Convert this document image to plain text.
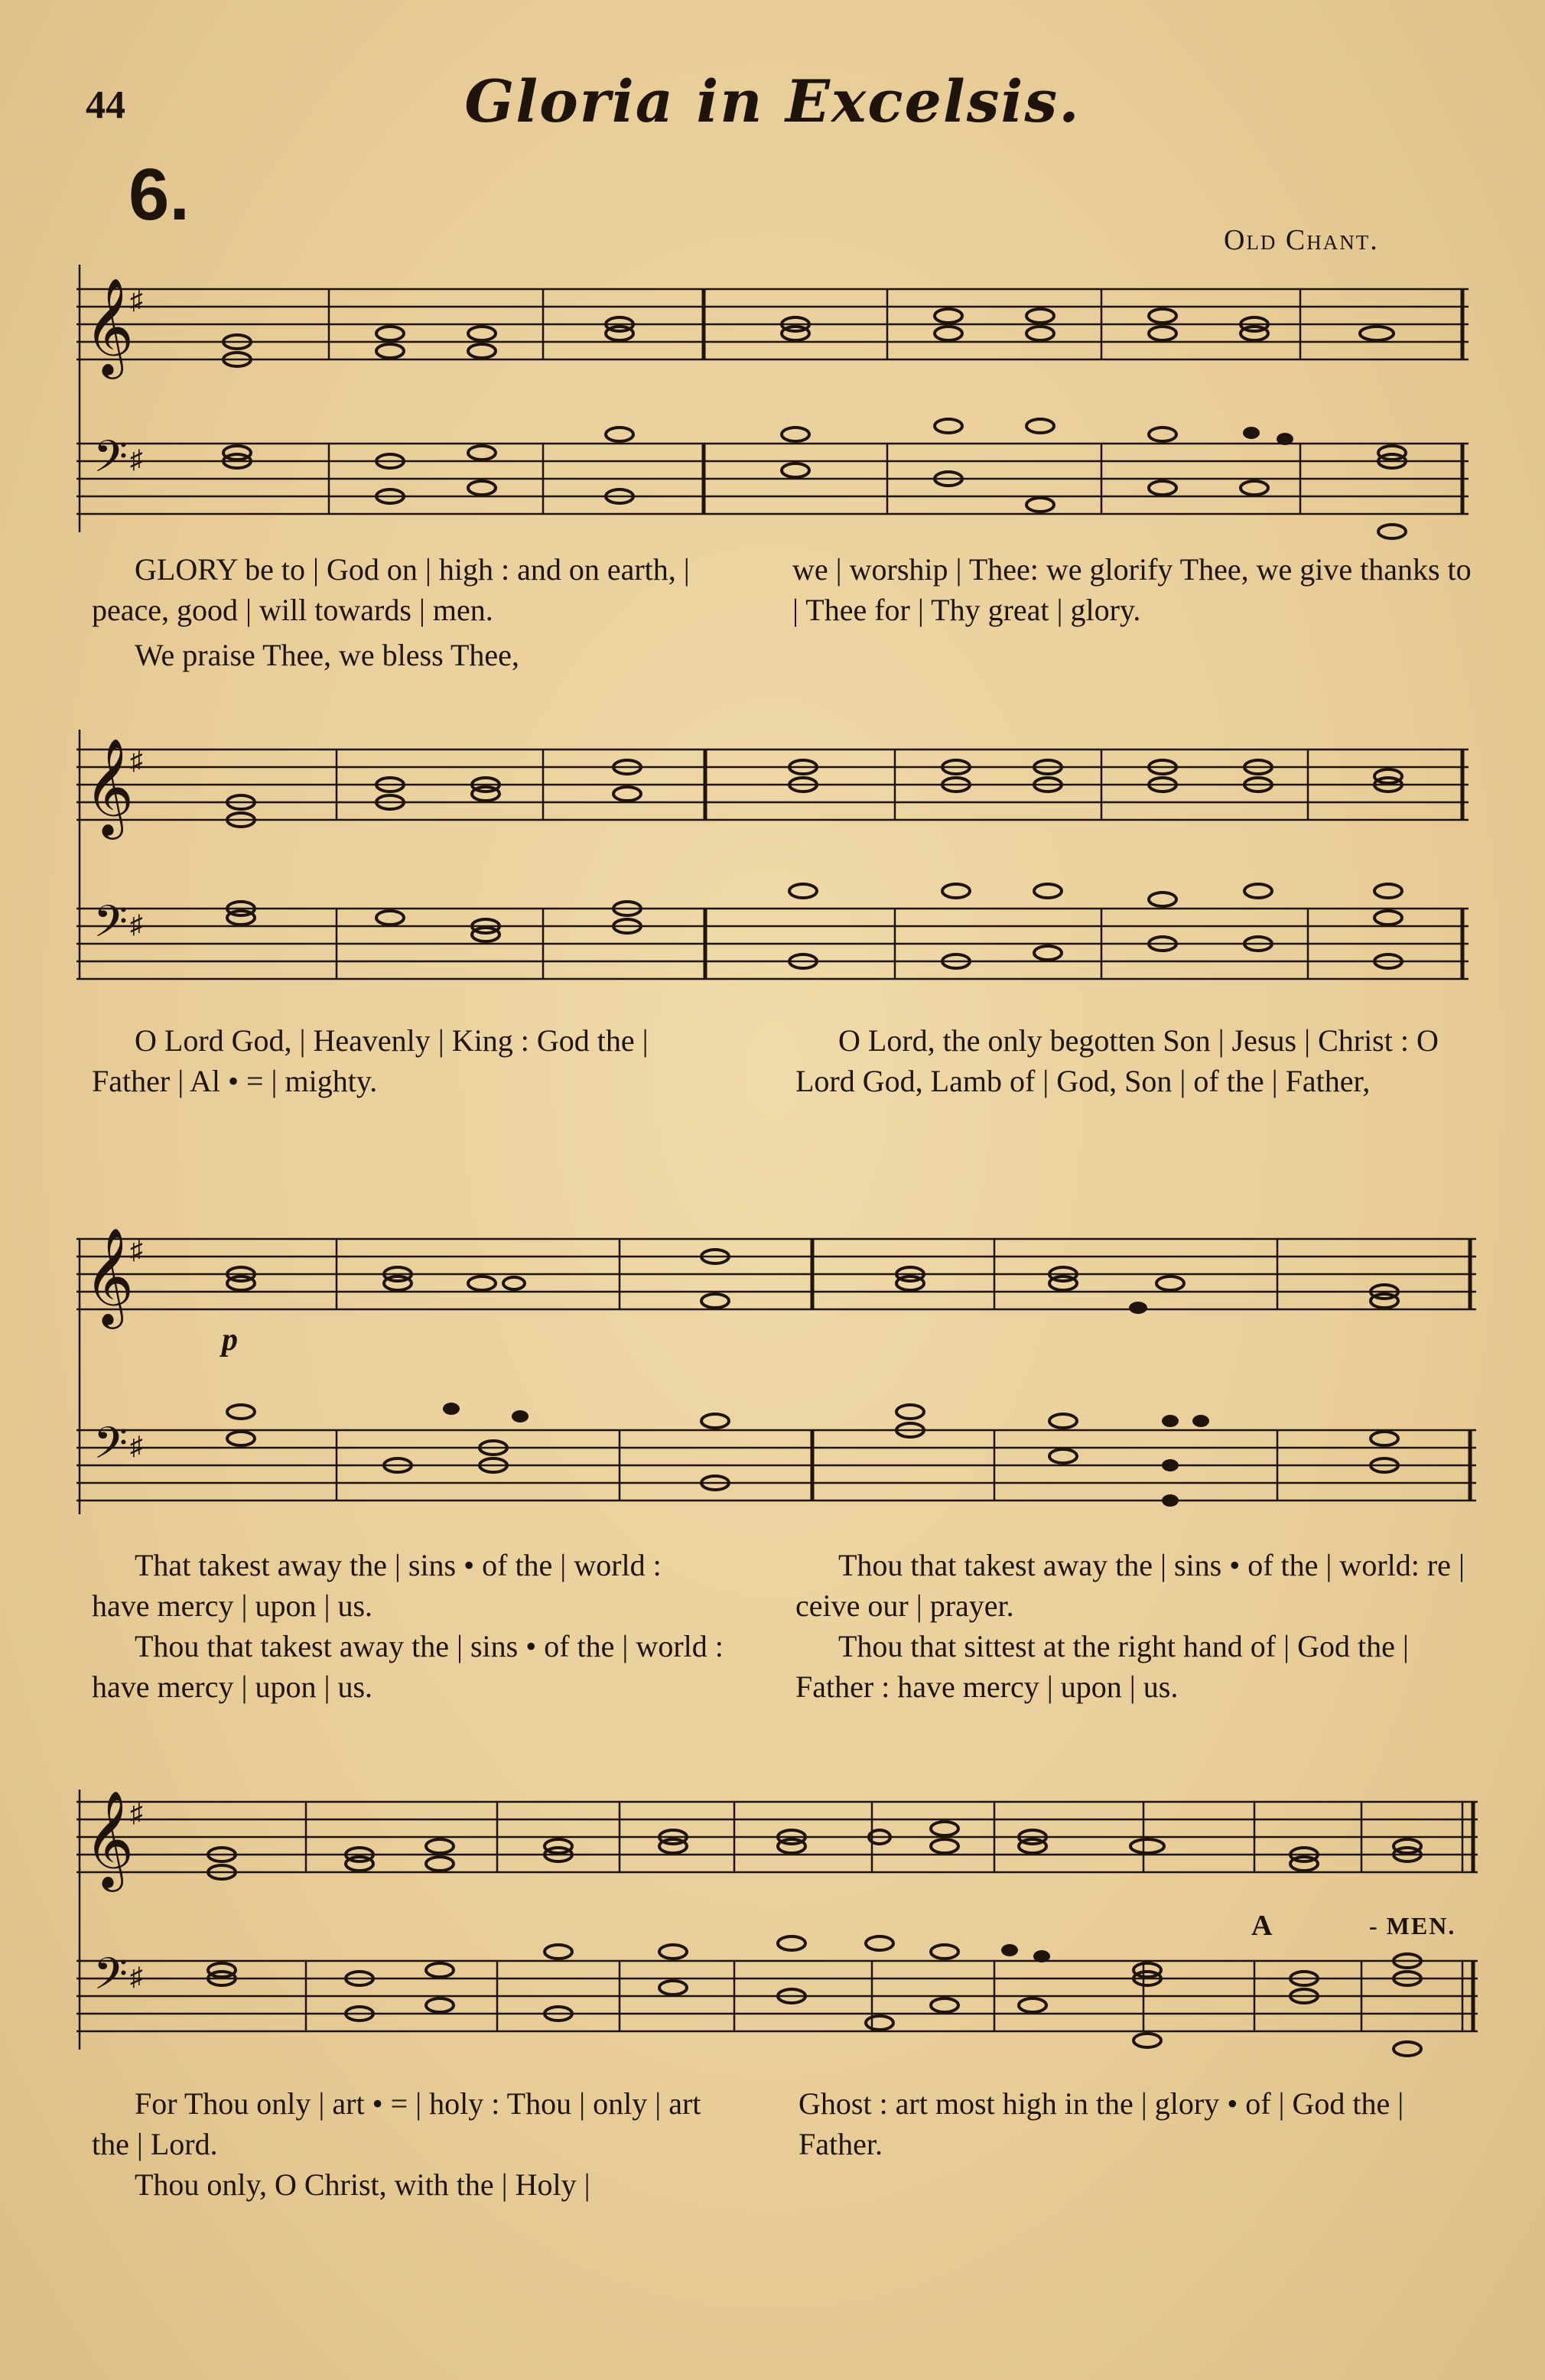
44	Gloria in Excelsis.
6.
Old Chant.
𝄞
𝄢
♯
♯

GLORY be to | God on | high : and on earth, | peace, good | will towards | men.

We praise Thee, we bless Thee,

we | worship | Thee: we glorify Thee, we give thanks to | Thee for | Thy great | glory.

𝄞
𝄢
♯
♯

O Lord God, | Heavenly | King : God the | Father | Al • = | mighty.

O Lord, the only begotten Son | Jesus | Christ : O Lord God, Lamb of | God, Son | of the | Father,

𝄞
𝄢
♯
♯
p

That takest away the | sins • of the | world : have mercy | upon | us.

Thou that takest away the | sins • of the | world : have mercy | upon | us.

Thou that takest away the | sins • of the | world: re | ceive our | prayer.

Thou that sittest at the right hand of | God the | Father : have mercy | upon | us.

𝄞
𝄢
♯
♯
A	- MEN.

For Thou only | art • = | holy : Thou | only | art the | Lord.

Thou only, O Christ, with the | Holy |

Ghost : art most high in the | glory • of | God the | Father.
